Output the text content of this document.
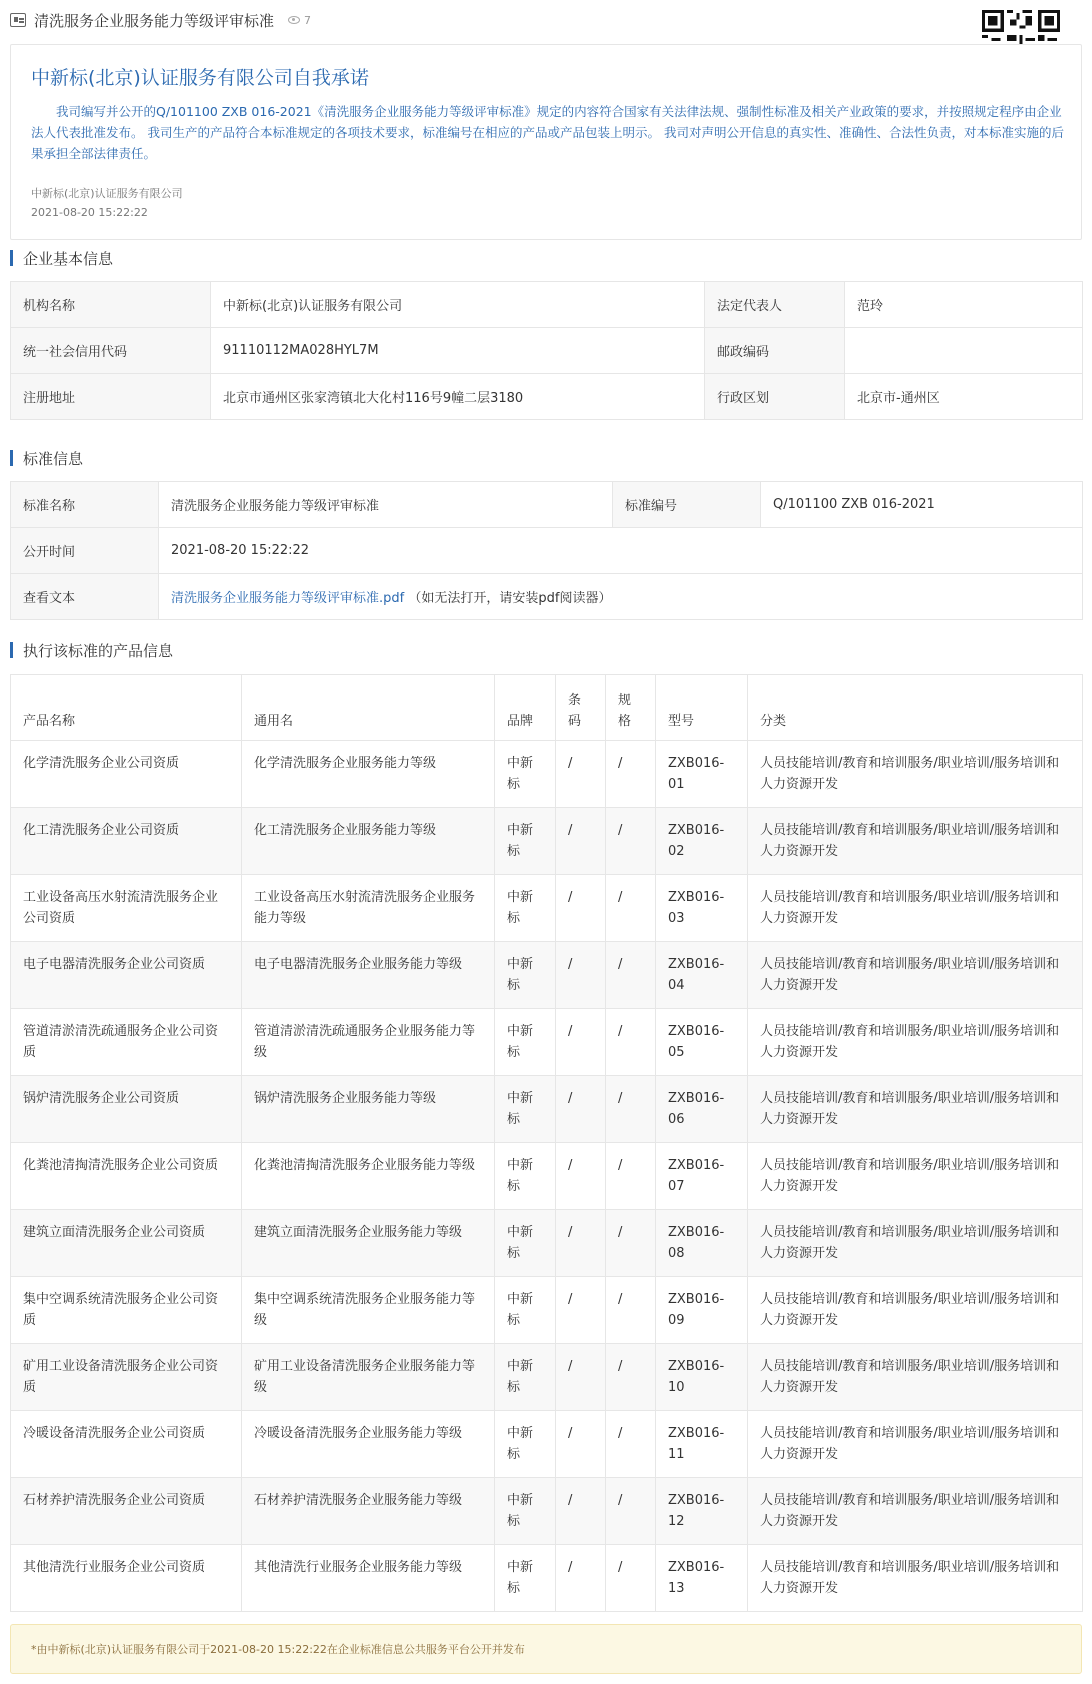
清洗服务企业服务能力等级评审标准	7
中新标(北京)认证服务有限公司自我承诺
我司编写并公开的Q/101100 ZXB 016-2021《清洗服务企业服务能力等级评审标准》规定的内容符合国家有关法律法规、强制性标准及相关产业政策的要求，并按照规定程序由企业法人代表批准发布。 我司生产的产品符合本标准规定的各项技术要求，标准编号在相应的产品或产品包装上明示。 我司对声明公开信息的真实性、准确性、合法性负责，对本标准实施的后果承担全部法律责任。
中新标(北京)认证服务有限公司
2021-08-20 15:22:22
企业基本信息
机构名称	中新标(北京)认证服务有限公司	法定代表人	范玲
统一社会信用代码	91110112MA028HYL7M	邮政编码	
注册地址	北京市通州区张家湾镇北大化村116号9幢二层3180	行政区划	北京市-通州区
标准信息
标准名称	清洗服务企业服务能力等级评审标准	标准编号	Q/101100 ZXB 016-2021
公开时间	2021-08-20 15:22:22		
查看文本	清洗服务企业服务能力等级评审标准.pdf （如无法打开，请安装pdf阅读器）		
执行该标准的产品信息
产品名称	通用名	品牌	条码	规格	型号	分类
化学清洗服务企业公司资质	化学清洗服务企业服务能力等级	中新标	/	/	ZXB016-01	人员技能培训/教育和培训服务/职业培训/服务培训和人力资源开发
化工清洗服务企业公司资质	化工清洗服务企业服务能力等级	中新标	/	/	ZXB016-02	人员技能培训/教育和培训服务/职业培训/服务培训和人力资源开发
工业设备高压水射流清洗服务企业公司资质	工业设备高压水射流清洗服务企业服务能力等级	中新标	/	/	ZXB016-03	人员技能培训/教育和培训服务/职业培训/服务培训和人力资源开发
电子电器清洗服务企业公司资质	电子电器清洗服务企业服务能力等级	中新标	/	/	ZXB016-04	人员技能培训/教育和培训服务/职业培训/服务培训和人力资源开发
管道清淤清洗疏通服务企业公司资质	管道清淤清洗疏通服务企业服务能力等级	中新标	/	/	ZXB016-05	人员技能培训/教育和培训服务/职业培训/服务培训和人力资源开发
锅炉清洗服务企业公司资质	锅炉清洗服务企业服务能力等级	中新标	/	/	ZXB016-06	人员技能培训/教育和培训服务/职业培训/服务培训和人力资源开发
化粪池清掏清洗服务企业公司资质	化粪池清掏清洗服务企业服务能力等级	中新标	/	/	ZXB016-07	人员技能培训/教育和培训服务/职业培训/服务培训和人力资源开发
建筑立面清洗服务企业公司资质	建筑立面清洗服务企业服务能力等级	中新标	/	/	ZXB016-08	人员技能培训/教育和培训服务/职业培训/服务培训和人力资源开发
集中空调系统清洗服务企业公司资质	集中空调系统清洗服务企业服务能力等级	中新标	/	/	ZXB016-09	人员技能培训/教育和培训服务/职业培训/服务培训和人力资源开发
矿用工业设备清洗服务企业公司资质	矿用工业设备清洗服务企业服务能力等级	中新标	/	/	ZXB016-10	人员技能培训/教育和培训服务/职业培训/服务培训和人力资源开发
冷暖设备清洗服务企业公司资质	冷暖设备清洗服务企业服务能力等级	中新标	/	/	ZXB016-11	人员技能培训/教育和培训服务/职业培训/服务培训和人力资源开发
石材养护清洗服务企业公司资质	石材养护清洗服务企业服务能力等级	中新标	/	/	ZXB016-12	人员技能培训/教育和培训服务/职业培训/服务培训和人力资源开发
其他清洗行业服务企业公司资质	其他清洗行业服务企业服务能力等级	中新标	/	/	ZXB016-13	人员技能培训/教育和培训服务/职业培训/服务培训和人力资源开发
*由中新标(北京)认证服务有限公司于2021-08-20 15:22:22在企业标准信息公共服务平台公开并发布
